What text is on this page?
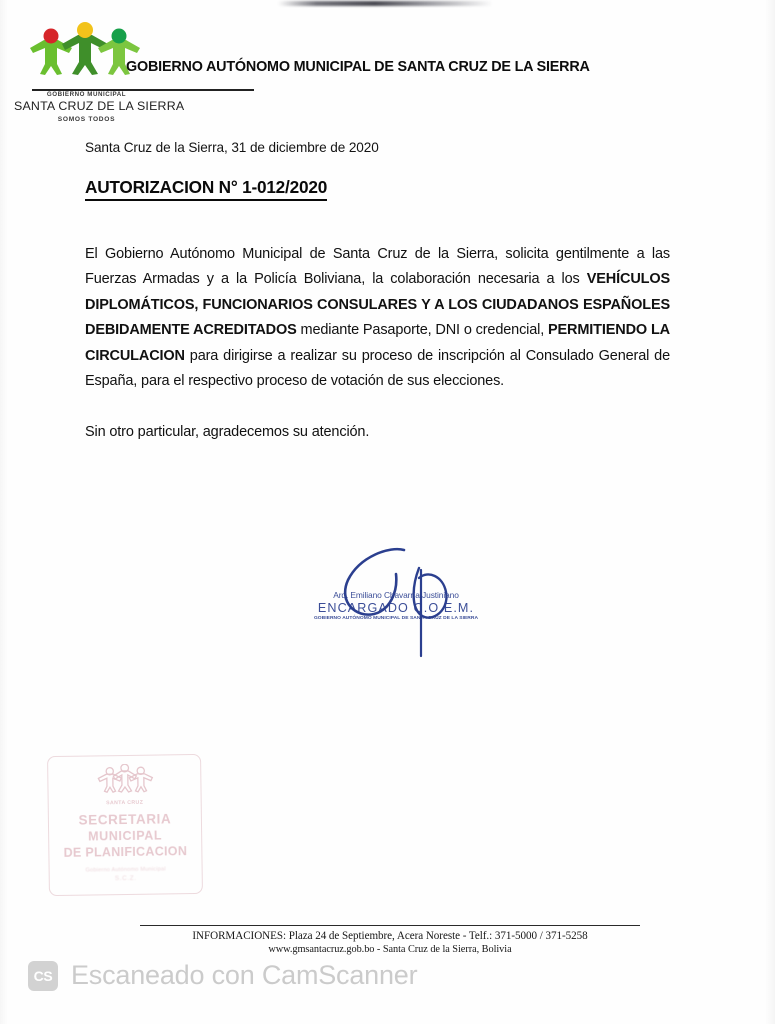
GOBIERNO MUNICIPAL
SANTA CRUZ DE LA SIERRA
SOMOS TODOS
GOBIERNO AUTÓNOMO MUNICIPAL DE SANTA CRUZ DE LA SIERRA
Santa Cruz de la Sierra, 31 de diciembre de 2020
AUTORIZACION N° 1-012/2020

El Gobierno Autónomo Municipal de Santa Cruz de la Sierra, solicita gentilmente a las Fuerzas Armadas y a la Policía Boliviana, la colaboración necesaria a los VEHÍCULOS DIPLOMÁTICOS, FUNCIONARIOS CONSULARES Y A LOS CIUDADANOS ESPAÑOLES DEBIDAMENTE ACREDITADOS mediante Pasaporte, DNI o credencial, PERMITIENDO LA CIRCULACION para dirigirse a realizar su proceso de inscripción al Consulado General de España, para el respectivo proceso de votación de sus elecciones.

Sin otro particular, agradecemos su atención.

Arq. Emiliano Chavarría Justiniano
ENCARGADO C.O.E.M.
GOBIERNO AUTÓNOMO MUNICIPAL DE SANTA CRUZ DE LA SIERRA
SANTA CRUZ
SECRETARIA
MUNICIPAL
DE PLANIFICACION
Gobierno Autónomo Municipal
S.C.Z.
INFORMACIONES: Plaza 24 de Septiembre, Acera Noreste - Telf.: 371-5000 / 371-5258
www.gmsantacruz.gob.bo - Santa Cruz de la Sierra, Bolivia
CS Escaneado con CamScanner
